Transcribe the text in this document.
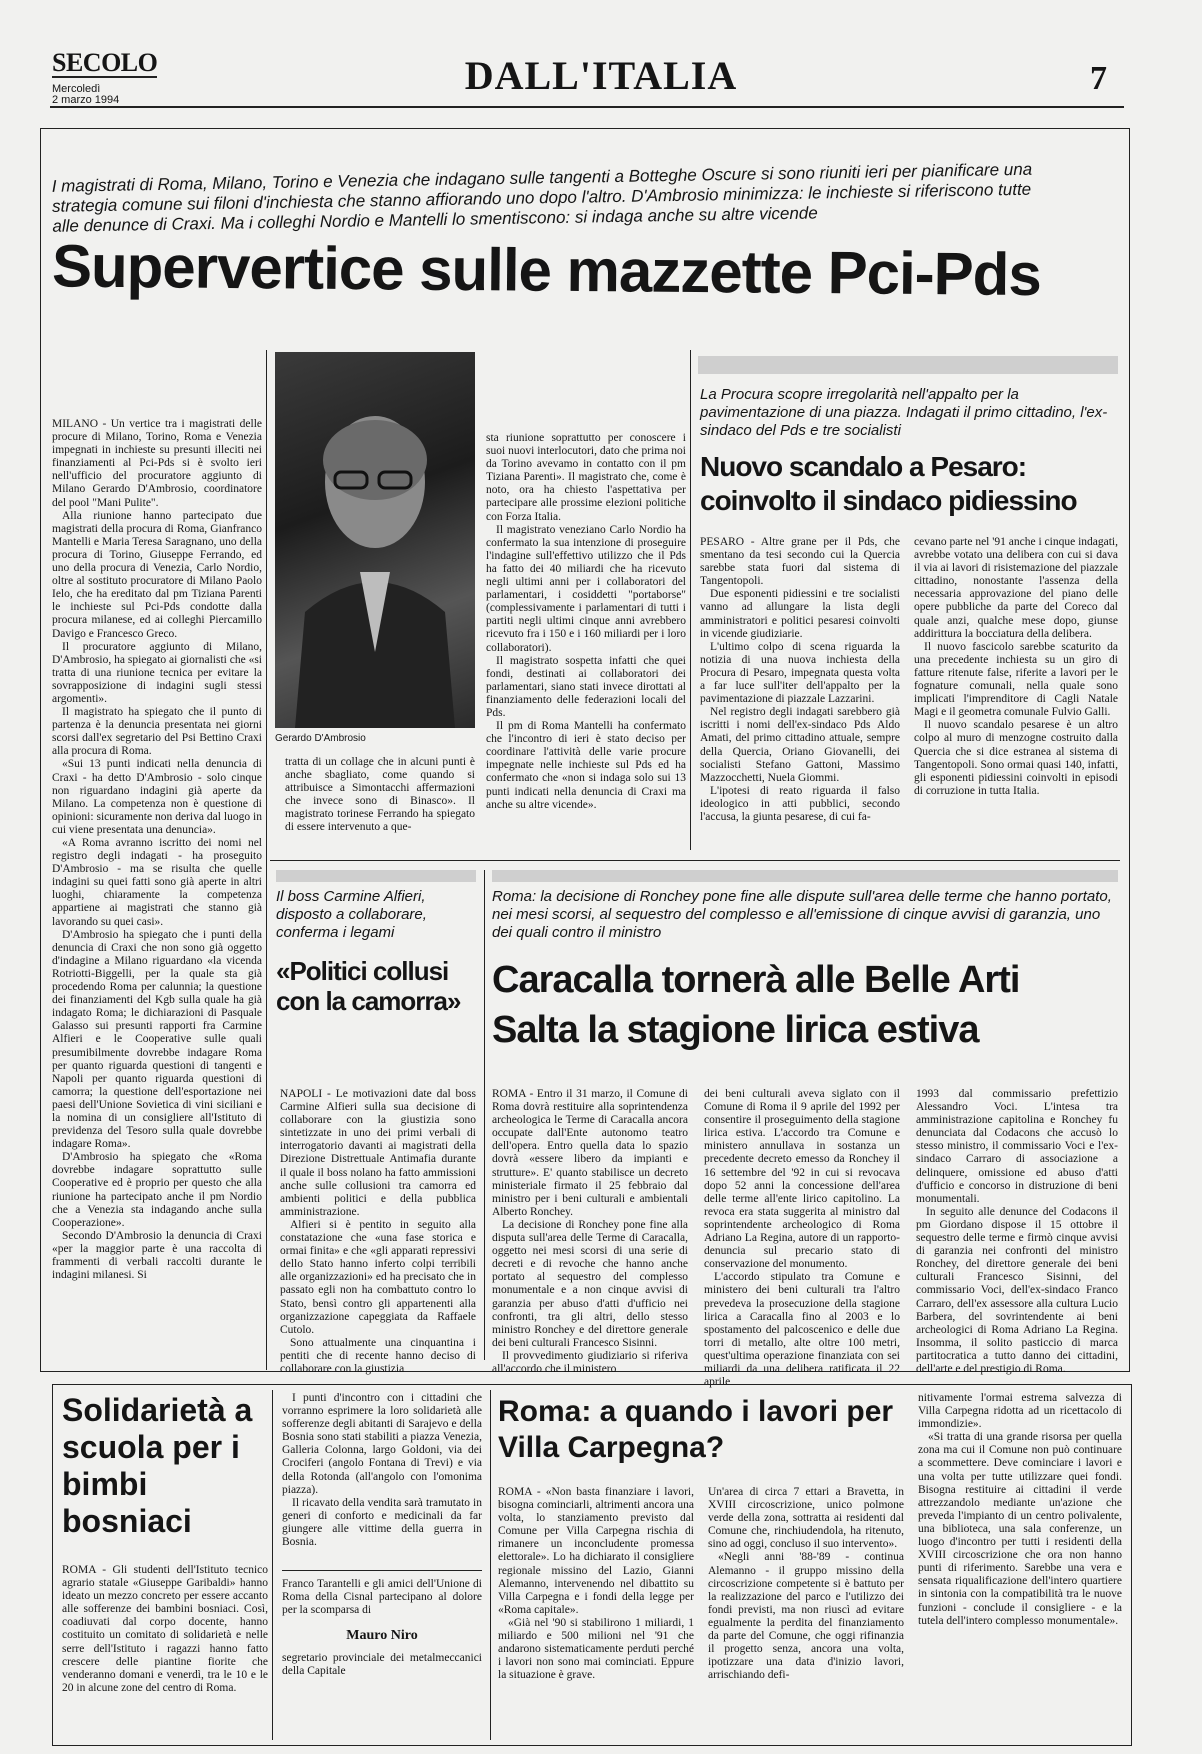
SECOLO
Mercoledì
2 marzo 1994
DALL'ITALIA	7
I magistrati di Roma, Milano, Torino e Venezia che indagano sulle tangenti a Botteghe Oscure si sono riuniti ieri per pianificare una strategia comune sui filoni d'inchiesta che stanno affiorando uno dopo l'altro. D'Ambrosio minimizza: le inchieste si riferiscono tutte alle denunce di Craxi. Ma i colleghi Nordio e Mantelli lo smentiscono: si indaga anche su altre vicende
Supervertice sulle mazzette Pci-Pds

MILANO - Un vertice tra i magistrati delle procure di Milano, Torino, Roma e Venezia impegnati in inchieste su presunti illeciti nei finanziamenti al Pci-Pds si è svolto ieri nell'ufficio del procuratore aggiunto di Milano Gerardo D'Ambrosio, coordinatore del pool "Mani Pulite".

Alla riunione hanno partecipato due magistrati della procura di Roma, Gianfranco Mantelli e Maria Teresa Saragnano, uno della procura di Torino, Giuseppe Ferrando, ed uno della procura di Venezia, Carlo Nordio, oltre al sostituto procuratore di Milano Paolo Ielo, che ha ereditato dal pm Tiziana Parenti le inchieste sul Pci-Pds condotte dalla procura milanese, ed ai colleghi Piercamillo Davigo e Francesco Greco.

Il procuratore aggiunto di Milano, D'Ambrosio, ha spiegato ai giornalisti che «si tratta di una riunione tecnica per evitare la sovrapposizione di indagini sugli stessi argomenti».

Il magistrato ha spiegato che il punto di partenza è la denuncia presentata nei giorni scorsi dall'ex segretario del Psi Bettino Craxi alla procura di Roma.

«Sui 13 punti indicati nella denuncia di Craxi - ha detto D'Ambrosio - solo cinque non riguardano indagini già aperte da Milano. La competenza non è questione di opinioni: sicuramente non deriva dal luogo in cui viene presentata una denuncia».

«A Roma avranno iscritto dei nomi nel registro degli indagati - ha proseguito D'Ambrosio - ma se risulta che quelle indagini su quei fatti sono già aperte in altri luoghi, chiaramente la competenza appartiene ai magistrati che stanno già lavorando su quei casi».

D'Ambrosio ha spiegato che i punti della denuncia di Craxi che non sono già oggetto d'indagine a Milano riguardano «la vicenda Rotriotti-Biggelli, per la quale sta già procedendo Roma per calunnia; la questione dei finanziamenti del Kgb sulla quale ha già indagato Roma; le dichiarazioni di Pasquale Galasso sui presunti rapporti fra Carmine Alfieri e le Cooperative sulle quali presumibilmente dovrebbe indagare Roma per quanto riguarda questioni di tangenti e Napoli per quanto riguarda questioni di camorra; la questione dell'esportazione nei paesi dell'Unione Sovietica di vini siciliani e la nomina di un consigliere all'Istituto di previdenza del Tesoro sulla quale dovrebbe indagare Roma».

D'Ambrosio ha spiegato che «Roma dovrebbe indagare soprattutto sulle Cooperative ed è proprio per questo che alla riunione ha partecipato anche il pm Nordio che a Venezia sta indagando anche sulla Cooperazione».

Secondo D'Ambrosio la denuncia di Craxi «per la maggior parte è una raccolta di frammenti di verbali raccolti durante le indagini milanesi. Si

Gerardo D'Ambrosio

tratta di un collage che in alcuni punti è anche sbagliato, come quando si attribuisce a Simontacchi affermazioni che invece sono di Binasco». Il magistrato torinese Ferrando ha spiegato di essere intervenuto a que-

sta riunione soprattutto per conoscere i suoi nuovi interlocutori, dato che prima noi da Torino avevamo in contatto con il pm Tiziana Parenti». Il magistrato che, come è noto, ora ha chiesto l'aspettativa per partecipare alle prossime elezioni politiche con Forza Italia.

Il magistrato veneziano Carlo Nordio ha confermato la sua intenzione di proseguire l'indagine sull'effettivo utilizzo che il Pds ha fatto dei 40 miliardi che ha ricevuto negli ultimi anni per i collaboratori del parlamentari, i cosiddetti "portaborse" (complessivamente i parlamentari di tutti i partiti negli ultimi cinque anni avrebbero ricevuto fra i 150 e i 160 miliardi per i loro collaboratori).

Il magistrato sospetta infatti che quei fondi, destinati ai collaboratori dei parlamentari, siano stati invece dirottati al finanziamento delle federazioni locali del Pds.

Il pm di Roma Mantelli ha confermato che l'incontro di ieri è stato deciso per coordinare l'attività delle varie procure impegnate nelle inchieste sul Pds ed ha confermato che «non si indaga solo sui 13 punti indicati nella denuncia di Craxi ma anche su altre vicende».

La Procura scopre irregolarità nell'appalto per la pavimentazione di una piazza. Indagati il primo cittadino, l'ex-sindaco del Pds e tre socialisti
Nuovo scandalo a Pesaro: coinvolto il sindaco pidiessino

PESARO - Altre grane per il Pds, che smentano da tesi secondo cui la Quercia sarebbe stata fuori dal sistema di Tangentopoli.

Due esponenti pidiessini e tre socialisti vanno ad allungare la lista degli amministratori e politici pesaresi coinvolti in vicende giudiziarie.

L'ultimo colpo di scena riguarda la notizia di una nuova inchiesta della Procura di Pesaro, impegnata questa volta a far luce sull'iter dell'appalto per la pavimentazione di piazzale Lazzarini.

Nel registro degli indagati sarebbero già iscritti i nomi dell'ex-sindaco Pds Aldo Amati, del primo cittadino attuale, sempre della Quercia, Oriano Giovanelli, dei socialisti Stefano Gattoni, Massimo Mazzocchetti, Nuela Giommi.

L'ipotesi di reato riguarda il falso ideologico in atti pubblici, secondo l'accusa, la giunta pesarese, di cui fa-

cevano parte nel '91 anche i cinque indagati, avrebbe votato una delibera con cui si dava il via ai lavori di risistemazione del piazzale cittadino, nonostante l'assenza della necessaria approvazione del piano delle opere pubbliche da parte del Coreco dal quale anzi, qualche mese dopo, giunse addirittura la bocciatura della delibera.

Il nuovo fascicolo sarebbe scaturito da una precedente inchiesta su un giro di fatture ritenute false, riferite a lavori per le fognature comunali, nella quale sono implicati l'imprenditore di Cagli Natale Magi e il geometra comunale Fulvio Galli.

Il nuovo scandalo pesarese è un altro colpo al muro di menzogne costruito dalla Quercia che si dice estranea al sistema di Tangentopoli. Sono ormai quasi 140, infatti, gli esponenti pidiessini coinvolti in episodi di corruzione in tutta Italia.

Il boss Carmine Alfieri, disposto a collaborare, conferma i legami
«Politici collusi con la camorra»

NAPOLI - Le motivazioni date dal boss Carmine Alfieri sulla sua decisione di collaborare con la giustizia sono sintetizzate in uno dei primi verbali di interrogatorio davanti ai magistrati della Direzione Distrettuale Antimafia durante il quale il boss nolano ha fatto ammissioni anche sulle collusioni tra camorra ed ambienti politici e della pubblica amministrazione.

Alfieri si è pentito in seguito alla constatazione che «una fase storica e ormai finita» e che «gli apparati repressivi dello Stato hanno inferto colpi terribili alle organizzazioni» ed ha precisato che in passato egli non ha combattuto contro lo Stato, bensì contro gli appartenenti alla organizzazione capeggiata da Raffaele Cutolo.

Sono attualmente una cinquantina i pentiti che di recente hanno deciso di collaborare con la giustizia

Roma: la decisione di Ronchey pone fine alle dispute sull'area delle terme che hanno portato, nei mesi scorsi, al sequestro del complesso e all'emissione di cinque avvisi di garanzia, uno dei quali contro il ministro
Caracalla tornerà alle Belle Arti
Salta la stagione lirica estiva

ROMA - Entro il 31 marzo, il Comune di Roma dovrà restituire alla soprintendenza archeologica le Terme di Caracalla ancora occupate dall'Ente autonomo teatro dell'opera. Entro quella data lo spazio dovrà «essere libero da impianti e strutture». E' quanto stabilisce un decreto ministeriale firmato il 25 febbraio dal ministro per i beni culturali e ambientali Alberto Ronchey.

La decisione di Ronchey pone fine alla disputa sull'area delle Terme di Caracalla, oggetto nei mesi scorsi di una serie di decreti e di revoche che hanno anche portato al sequestro del complesso monumentale e a non cinque avvisi di garanzia per abuso d'atti d'ufficio nei confronti, tra gli altri, dello stesso ministro Ronchey e del direttore generale dei beni culturali Francesco Sisinni.

Il provvedimento giudiziario si riferiva all'accordo che il ministero

dei beni culturali aveva siglato con il Comune di Roma il 9 aprile del 1992 per consentire il proseguimento della stagione lirica estiva. L'accordo tra Comune e ministero annullava in sostanza un precedente decreto emesso da Ronchey il 16 settembre del '92 in cui si revocava dopo 52 anni la concessione dell'area delle terme all'ente lirico capitolino. La revoca era stata suggerita al ministro dal soprintendente archeologico di Roma Adriano La Regina, autore di un rapporto-denuncia sul precario stato di conservazione del monumento.

L'accordo stipulato tra Comune e ministero dei beni culturali tra l'altro prevedeva la prosecuzione della stagione lirica a Caracalla fino al 2003 e lo spostamento del palcoscenico e delle due torri di metallo, alte oltre 100 metri, quest'ultima operazione finanziata con sei miliardi da una delibera ratificata il 22 aprile

1993 dal commissario prefettizio Alessandro Voci. L'intesa tra amministrazione capitolina e Ronchey fu denunciata dal Codacons che accusò lo stesso ministro, il commissario Voci e l'ex-sindaco Carraro di associazione a delinquere, omissione ed abuso d'atti d'ufficio e concorso in distruzione di beni monumentali.

In seguito alle denunce del Codacons il pm Giordano dispose il 15 ottobre il sequestro delle terme e firmò cinque avvisi di garanzia nei confronti del ministro Ronchey, del direttore generale dei beni culturali Francesco Sisinni, del commissario Voci, dell'ex-sindaco Franco Carraro, dell'ex assessore alla cultura Lucio Barbera, del sovrintendente ai beni archeologici di Roma Adriano La Regina. Insomma, il solito pasticcio di marca partitocratica a tutto danno dei cittadini, dell'arte e del prestigio di Roma.

Solidarietà a scuola per i bimbi bosniaci

ROMA - Gli studenti dell'Istituto tecnico agrario statale «Giuseppe Garibaldi» hanno ideato un mezzo concreto per essere accanto alle sofferenze dei bambini bosniaci. Così, coadiuvati dal corpo docente, hanno costituito un comitato di solidarietà e nelle serre dell'Istituto i ragazzi hanno fatto crescere delle piantine fiorite che venderanno domani e venerdì, tra le 10 e le 20 in alcune zone del centro di Roma.

I punti d'incontro con i cittadini che vorranno esprimere la loro solidarietà alle sofferenze degli abitanti di Sarajevo e della Bosnia sono stati stabiliti a piazza Venezia, Galleria Colonna, largo Goldoni, via dei Crociferi (angolo Fontana di Trevi) e via della Rotonda (all'angolo con l'omonima piazza).

Il ricavato della vendita sarà tramutato in generi di conforto e medicinali da far giungere alle vittime della guerra in Bosnia.

Franco Tarantelli e gli amici dell'Unione di Roma della Cisnal partecipano al dolore per la scomparsa di

Mauro Niro

segretario provinciale dei metalmeccanici della Capitale

Roma: a quando i lavori per Villa Carpegna?

ROMA - «Non basta finanziare i lavori, bisogna cominciarli, altrimenti ancora una volta, lo stanziamento previsto dal Comune per Villa Carpegna rischia di rimanere un inconcludente promessa elettorale». Lo ha dichiarato il consigliere regionale missino del Lazio, Gianni Alemanno, intervenendo nel dibattito su Villa Carpegna e i fondi della legge per «Roma capitale».

«Già nel '90 si stabilirono 1 miliardi, 1 miliardo e 500 milioni nel '91 che andarono sistematicamente perduti perché i lavori non sono mai cominciati. Eppure la situazione è grave.

Un'area di circa 7 ettari a Bravetta, in XVIII circoscrizione, unico polmone verde della zona, sottratta ai residenti dal Comune che, rinchiudendola, ha ritenuto, sino ad oggi, concluso il suo intervento».

«Negli anni '88-'89 - continua Alemanno - il gruppo missino della circoscrizione competente si è battuto per la realizzazione del parco e l'utilizzo dei fondi previsti, ma non riuscì ad evitare egualmente la perdita del finanziamento da parte del Comune, che oggi rifinanzia il progetto senza, ancora una volta, ipotizzare una data d'inizio lavori, arrischiando defi-

nitivamente l'ormai estrema salvezza di Villa Carpegna ridotta ad un ricettacolo di immondizie».

«Si tratta di una grande risorsa per quella zona ma cui il Comune non può continuare a scommettere. Deve cominciare i lavori e una volta per tutte utilizzare quei fondi. Bisogna restituire ai cittadini il verde attrezzandolo mediante un'azione che preveda l'impianto di un centro polivalente, una biblioteca, una sala conferenze, un luogo d'incontro per tutti i residenti della XVIII circoscrizione che ora non hanno punti di riferimento. Sarebbe una vera e sensata riqualificazione dell'intero quartiere in sintonia con la compatibilità tra le nuove funzioni - conclude il consigliere - e la tutela dell'intero complesso monumentale».
